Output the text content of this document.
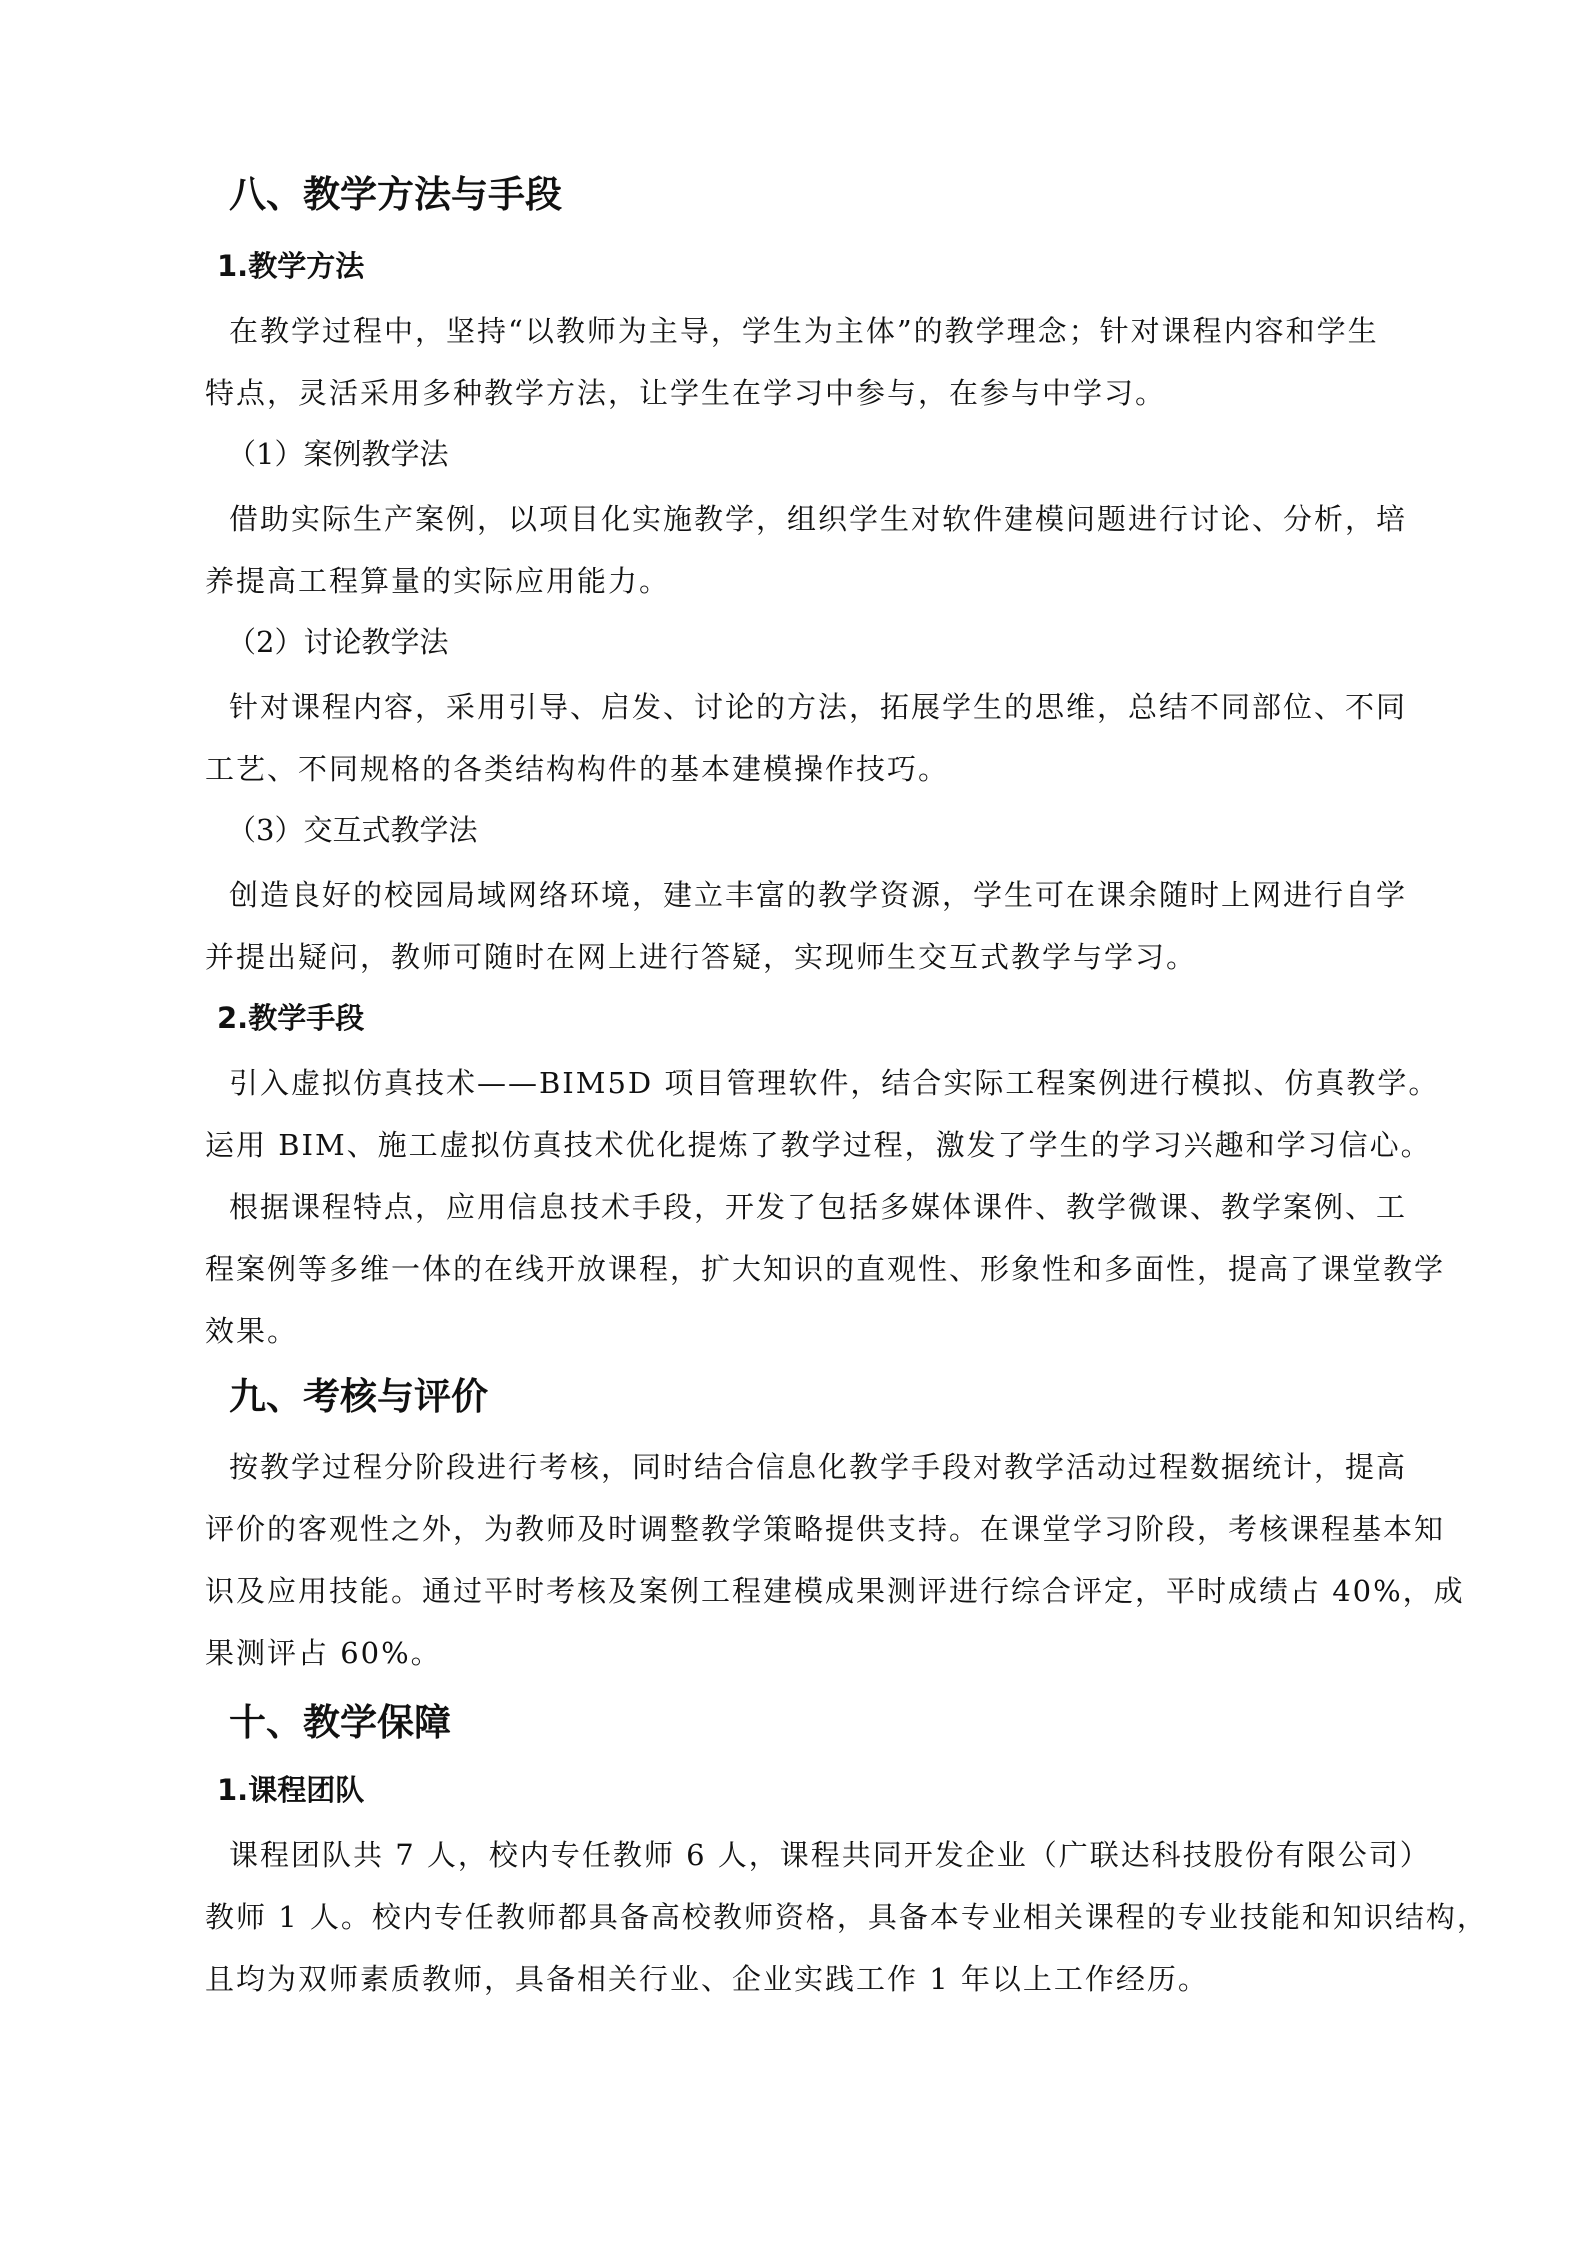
八、教学方法与手段
1.教学方法
在教学过程中，坚持“以教师为主导，学生为主体”的教学理念；针对课程内容和学生
特点，灵活采用多种教学方法，让学生在学习中参与，在参与中学习。
（1）案例教学法
借助实际生产案例，以项目化实施教学，组织学生对软件建模问题进行讨论、分析，培
养提高工程算量的实际应用能力。
（2）讨论教学法
针对课程内容，采用引导、启发、讨论的方法，拓展学生的思维，总结不同部位、不同
工艺、不同规格的各类结构构件的基本建模操作技巧。
（3）交互式教学法
创造良好的校园局域网络环境，建立丰富的教学资源，学生可在课余随时上网进行自学
并提出疑问，教师可随时在网上进行答疑，实现师生交互式教学与学习。
2.教学手段
引入虚拟仿真技术——BIM5D 项目管理软件，结合实际工程案例进行模拟、仿真教学。
运用 BIM、施工虚拟仿真技术优化提炼了教学过程，激发了学生的学习兴趣和学习信心。
根据课程特点，应用信息技术手段，开发了包括多媒体课件、教学微课、教学案例、工
程案例等多维一体的在线开放课程，扩大知识的直观性、形象性和多面性，提高了课堂教学
效果。
九、考核与评价
按教学过程分阶段进行考核，同时结合信息化教学手段对教学活动过程数据统计，提高
评价的客观性之外，为教师及时调整教学策略提供支持。在课堂学习阶段，考核课程基本知
识及应用技能。通过平时考核及案例工程建模成果测评进行综合评定，平时成绩占 40%，成
果测评占 60%。
十、教学保障
1.课程团队
课程团队共 7 人，校内专任教师 6 人，课程共同开发企业（广联达科技股份有限公司）
教师 1 人。校内专任教师都具备高校教师资格，具备本专业相关课程的专业技能和知识结构，
且均为双师素质教师，具备相关行业、企业实践工作 1 年以上工作经历。
